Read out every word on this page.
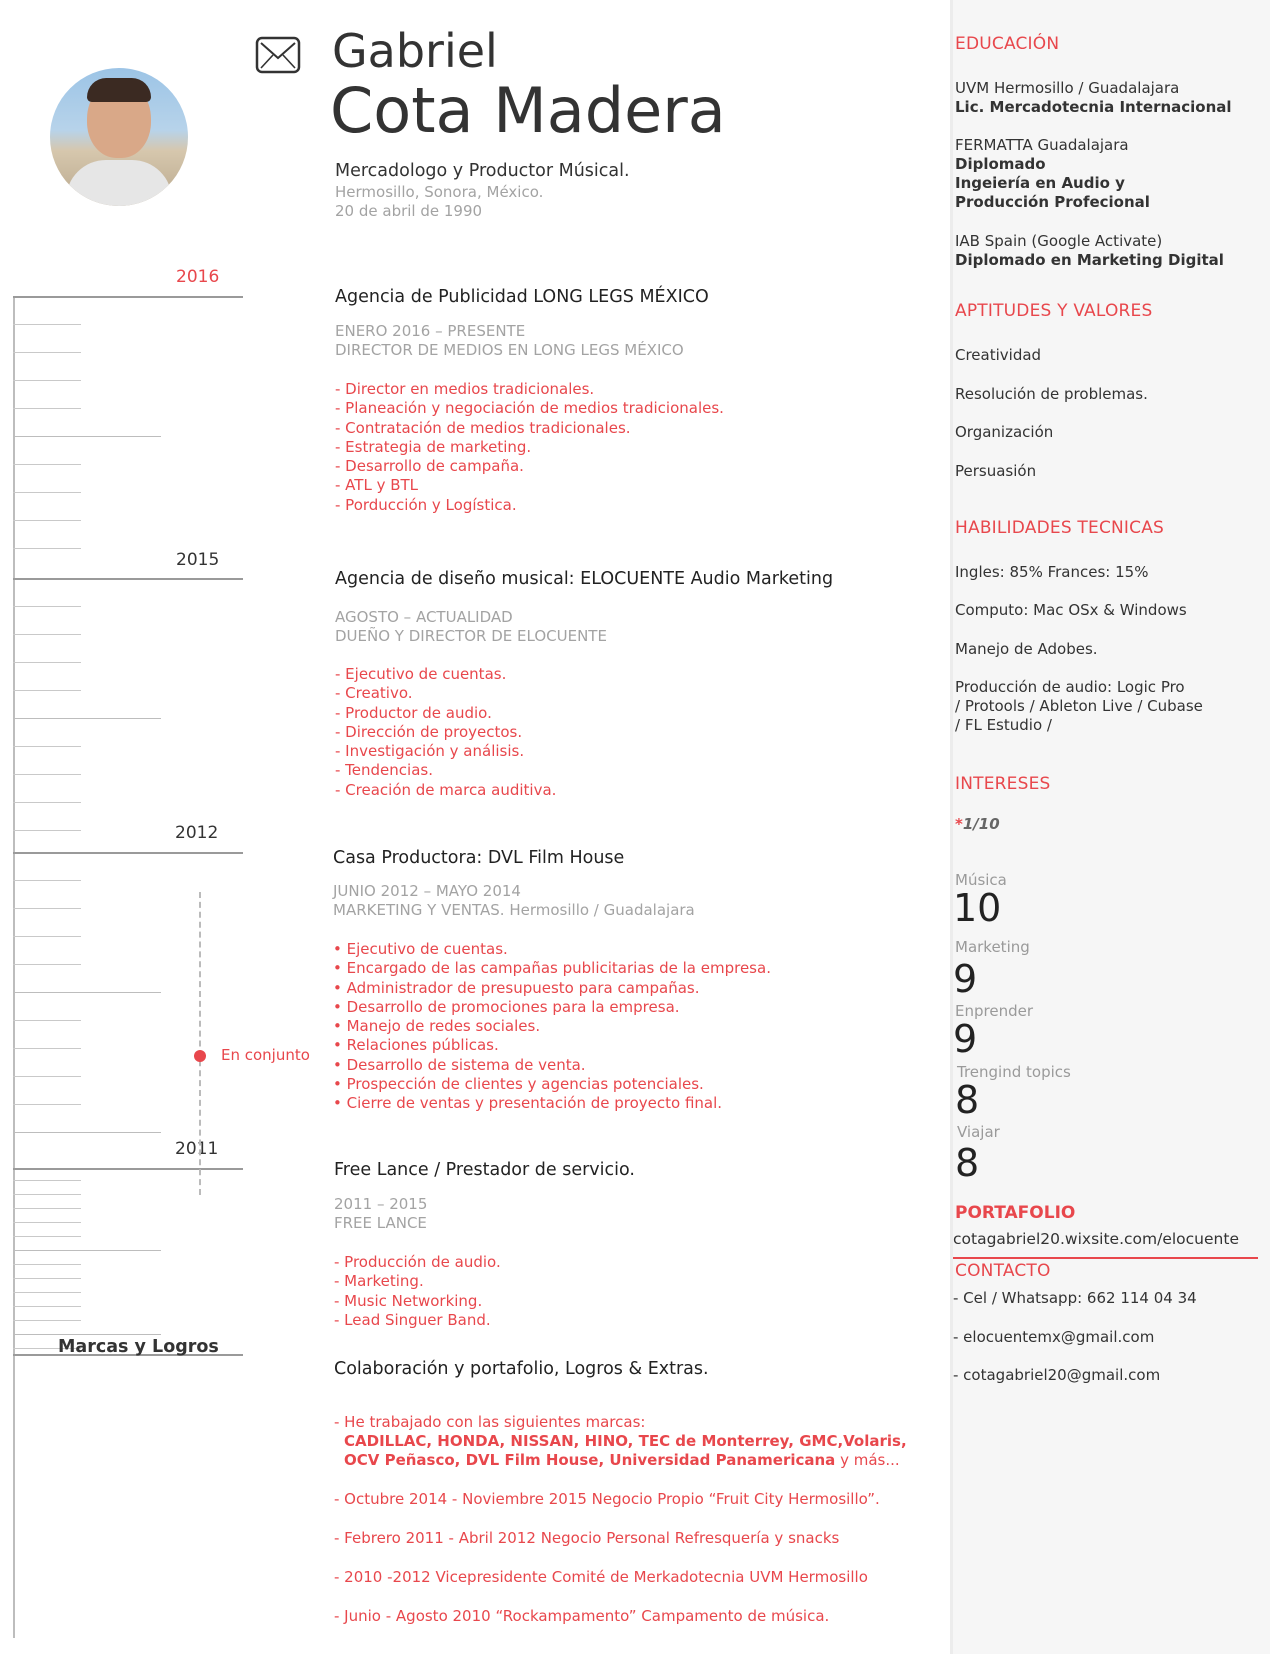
EDUCACIÓN
UVM Hermosillo / Guadalajara
Lic. Mercadotecnia Internacional
FERMATTA Guadalajara
Diplomado
Ingeiería en Audio y
Producción Profecional
IAB Spain (Google Activate)
Diplomado en Marketing Digital
APTITUDES Y VALORES
Creatividad
Resolución de problemas.
Organización
Persuasión
HABILIDADES TECNICAS
Ingles: 85% Frances: 15%
Computo: Mac OSx & Windows
Manejo de Adobes.
Producción de audio: Logic Pro
/ Protools / Ableton Live / Cubase
/ FL Estudio /
INTERESES
*1/10
Música
10
Marketing
9
Enprender
9
Trengind topics
8
Viajar
8
PORTAFOLIO
cotagabriel20.wixsite.com/elocuente
CONTACTO
- Cel / Whatsapp: 662 114 04 34
- elocuentemx@gmail.com
- cotagabriel20@gmail.com
Gabriel
Cota Madera
Mercadologo y Productor Músical.
Hermosillo, Sonora, México.
20 de abril de 1990
2016
2015
2012
2011
Marcas y Logros
En conjunto
Agencia de Publicidad LONG LEGS MÉXICO
ENERO 2016 – PRESENTE
DIRECTOR DE MEDIOS EN LONG LEGS MÉXICO
- Director en medios tradicionales.
- Planeación y negociación de medios tradicionales.
- Contratación de medios tradicionales.
- Estrategia de marketing.
- Desarrollo de campaña.
- ATL y BTL
- Porducción y Logística.
Agencia de diseño musical: ELOCUENTE Audio Marketing
AGOSTO – ACTUALIDAD
DUEÑO Y DIRECTOR DE ELOCUENTE
- Ejecutivo de cuentas.
- Creativo.
- Productor de audio.
- Dirección de proyectos.
- Investigación y análisis.
- Tendencias.
- Creación de marca auditiva.
Casa Productora: DVL Film House
JUNIO 2012 – MAYO 2014
MARKETING Y VENTAS. Hermosillo / Guadalajara
• Ejecutivo de cuentas.
• Encargado de las campañas publicitarias de la empresa.
• Administrador de presupuesto para campañas.
• Desarrollo de promociones para la empresa.
• Manejo de redes sociales.
• Relaciones públicas.
• Desarrollo de sistema de venta.
• Prospección de clientes y agencias potenciales.
• Cierre de ventas y presentación de proyecto final.
Free Lance / Prestador de servicio.
2011 – 2015
FREE LANCE
- Producción de audio.
- Marketing.
- Music Networking.
- Lead Singuer Band.
Colaboración y portafolio, Logros & Extras.
- He trabajado con las siguientes marcas:
CADILLAC, HONDA, NISSAN, HINO, TEC de Monterrey, GMC,Volaris,
OCV Peñasco, DVL Film House, Universidad Panamericana y más...
- Octubre 2014 - Noviembre 2015 Negocio Propio “Fruit City Hermosillo”.
- Febrero 2011 - Abril 2012 Negocio Personal Refresquería y snacks
- 2010 -2012 Vicepresidente Comité de Merkadotecnia UVM Hermosillo
- Junio - Agosto 2010 “Rockampamento” Campamento de música.
